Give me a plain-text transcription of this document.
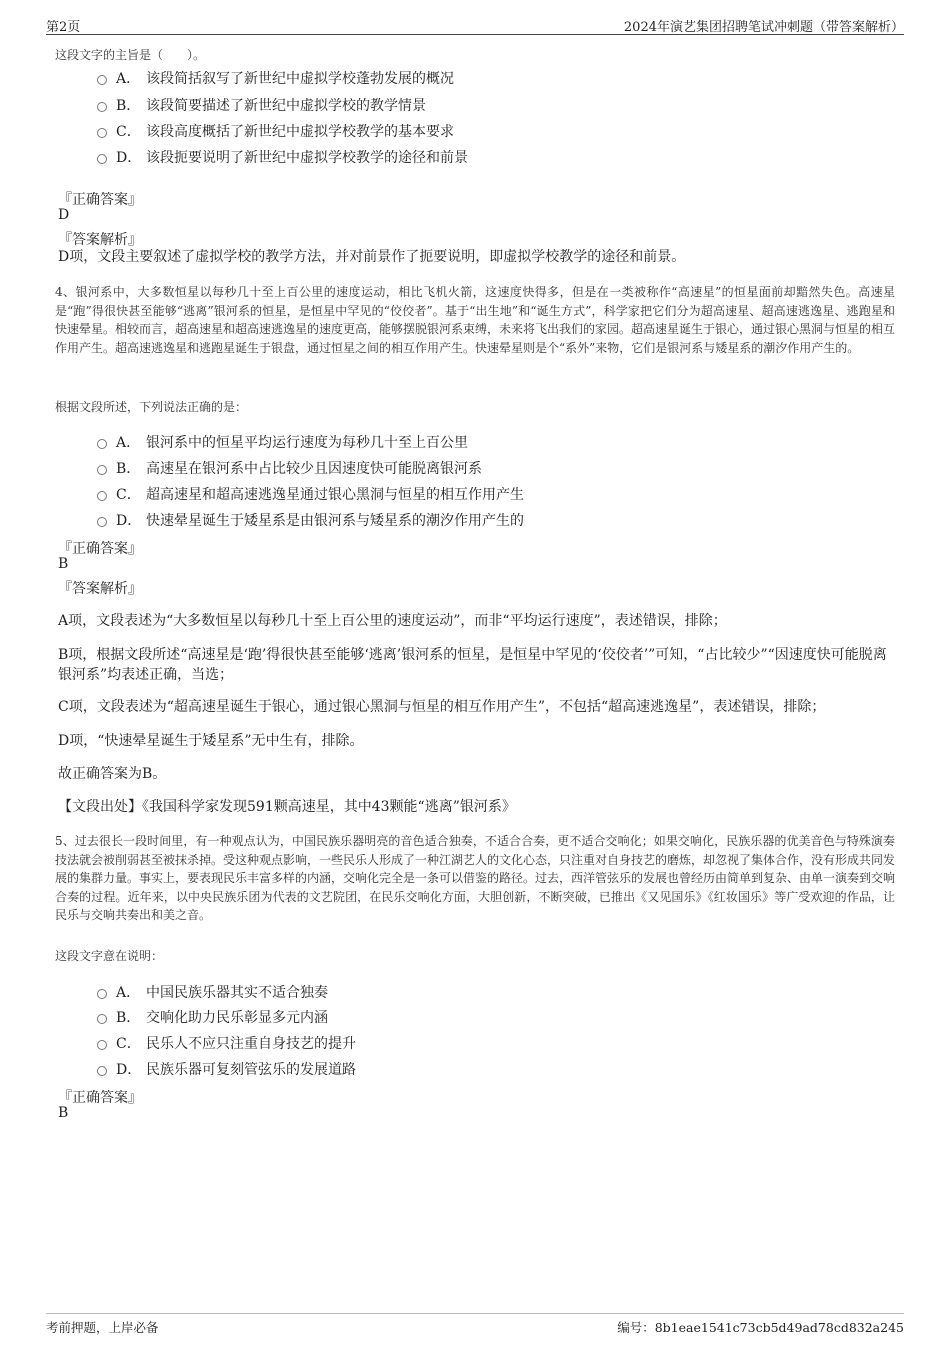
第2页	2024年演艺集团招聘笔试冲刺题（带答案解析）
这段文字的主旨是（　　）。
A． 该段简括叙写了新世纪中虚拟学校蓬勃发展的概况
B． 该段简要描述了新世纪中虚拟学校的教学情景
C． 该段高度概括了新世纪中虚拟学校教学的基本要求
D． 该段扼要说明了新世纪中虚拟学校教学的途径和前景
『正确答案』
D
『答案解析』
D项，文段主要叙述了虚拟学校的教学方法，并对前景作了扼要说明，即虚拟学校教学的途径和前景。
4、银河系中，大多数恒星以每秒几十至上百公里的速度运动，相比飞机火箭，这速度快得多，但是在一类被称作“高速星”的恒星面前却黯然失色。高速星是“跑”得很快甚至能够“逃离”银河系的恒星，是恒星中罕见的“佼佼者”。基于“出生地”和“诞生方式”，科学家把它们分为超高速星、超高速逃逸星、逃跑星和快速晕星。相较而言，超高速星和超高速逃逸星的速度更高，能够摆脱银河系束缚，未来将飞出我们的家园。超高速星诞生于银心，通过银心黑洞与恒星的相互作用产生。超高速逃逸星和逃跑星诞生于银盘，通过恒星之间的相互作用产生。快速晕星则是个“系外”来物，它们是银河系与矮星系的潮汐作用产生的。
根据文段所述，下列说法正确的是：
A． 银河系中的恒星平均运行速度为每秒几十至上百公里
B． 高速星在银河系中占比较少且因速度快可能脱离银河系
C． 超高速星和超高速逃逸星通过银心黑洞与恒星的相互作用产生
D． 快速晕星诞生于矮星系是由银河系与矮星系的潮汐作用产生的
『正确答案』
B
『答案解析』
A项，文段表述为“大多数恒星以每秒几十至上百公里的速度运动”，而非“平均运行速度”，表述错误，排除；
B项，根据文段所述“高速星是‘跑’得很快甚至能够‘逃离’银河系的恒星，是恒星中罕见的‘佼佼者’”可知，“占比较少”“因速度快可能脱离银河系”均表述正确，当选；
C项，文段表述为“超高速星诞生于银心，通过银心黑洞与恒星的相互作用产生”，不包括“超高速逃逸星”，表述错误，排除；
D项，“快速晕星诞生于矮星系”无中生有，排除。
故正确答案为B。
【文段出处】《我国科学家发现591颗高速星，其中43颗能“逃离”银河系》
5、过去很长一段时间里，有一种观点认为，中国民族乐器明亮的音色适合独奏，不适合合奏，更不适合交响化；如果交响化，民族乐器的优美音色与特殊演奏技法就会被削弱甚至被抹杀掉。受这种观点影响，一些民乐人形成了一种江湖艺人的文化心态，只注重对自身技艺的磨炼，却忽视了集体合作，没有形成共同发展的集群力量。事实上，要表现民乐丰富多样的内涵，交响化完全是一条可以借鉴的路径。过去，西洋管弦乐的发展也曾经历由简单到复杂、由单一演奏到交响合奏的过程。近年来，以中央民族乐团为代表的文艺院团，在民乐交响化方面，大胆创新，不断突破，已推出《又见国乐》《红妆国乐》等广受欢迎的作品，让民乐与交响共奏出和美之音。
这段文字意在说明：
A． 中国民族乐器其实不适合独奏
B． 交响化助力民乐彰显多元内涵
C． 民乐人不应只注重自身技艺的提升
D． 民族乐器可复刻管弦乐的发展道路
『正确答案』
B
考前押题，上岸必备	编号：8b1eae1541c73cb5d49ad78cd832a245
